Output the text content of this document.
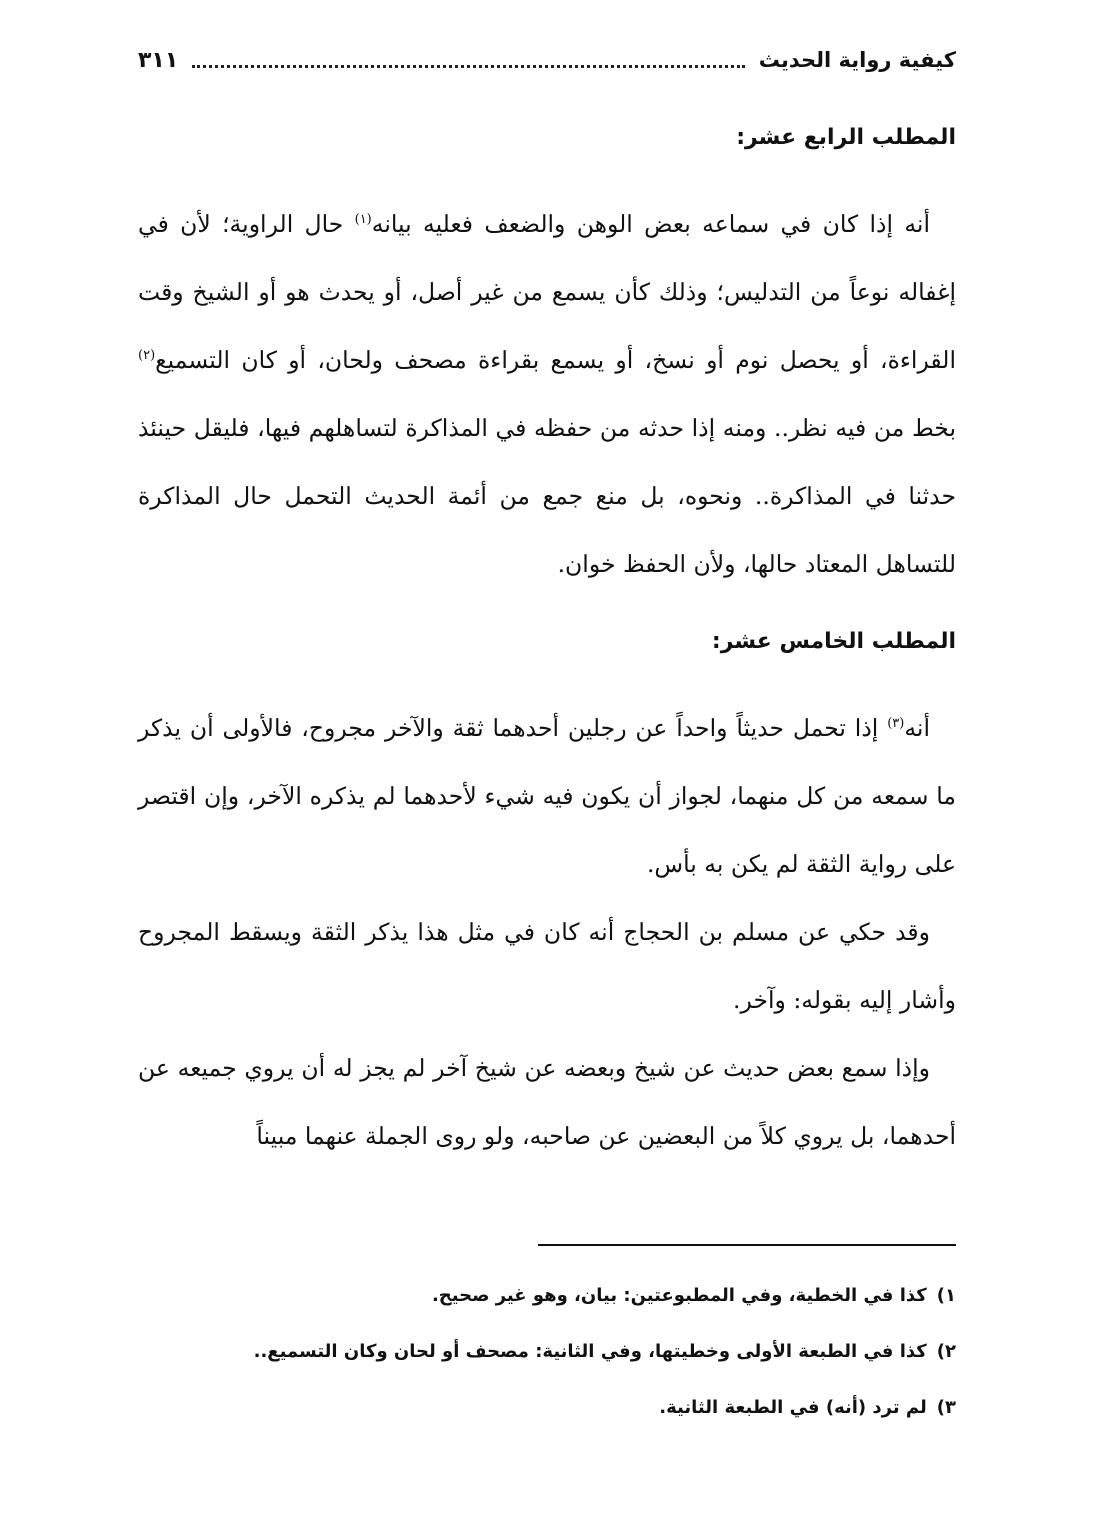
كيفية رواية الحديث
٣١١
المطلب الرابع عشر:

أنه إذا كان في سماعه بعض الوهن والضعف فعليه بيانه$^{(١)}$ حال الراوية؛ لأن في إغفاله نوعاً من التدليس؛ وذلك كأن يسمع من غير أصل، أو يحدث هو أو الشيخ وقت القراءة، أو يحصل نوم أو نسخ، أو يسمع بقراءة مصحف ولحان، أو كان التسميع$^{(٢)}$ بخط من فيه نظر.. ومنه إذا حدثه من حفظه في المذاكرة لتساهلهم فيها، فليقل حينئذ حدثنا في المذاكرة.. ونحوه، بل منع جمع من أئمة الحديث التحمل حال المذاكرة للتساهل المعتاد حالها، ولأن الحفظ خوان.

المطلب الخامس عشر:

أنه$^{(٣)}$ إذا تحمل حديثاً واحداً عن رجلين أحدهما ثقة والآخر مجروح، فالأولى أن يذكر ما سمعه من كل منهما، لجواز أن يكون فيه شيء لأحدهما لم يذكره الآخر، وإن اقتصر على رواية الثقة لم يكن به بأس.

وقد حكي عن مسلم بن الحجاج أنه كان في مثل هذا يذكر الثقة ويسقط المجروح وأشار إليه بقوله: وآخر.

وإذا سمع بعض حديث عن شيخ وبعضه عن شيخ آخر لم يجز له أن يروي جميعه عن أحدهما، بل يروي كلاً من البعضين عن صاحبه، ولو روى الجملة عنهما مبيناً

١)كذا في الخطية، وفي المطبوعتين: بيان، وهو غير صحيح.

٢)كذا في الطبعة الأولى وخطيتها، وفي الثانية: مصحف أو لحان وكان التسميع..

٣)لم ترد (أنه) في الطبعة الثانية.
